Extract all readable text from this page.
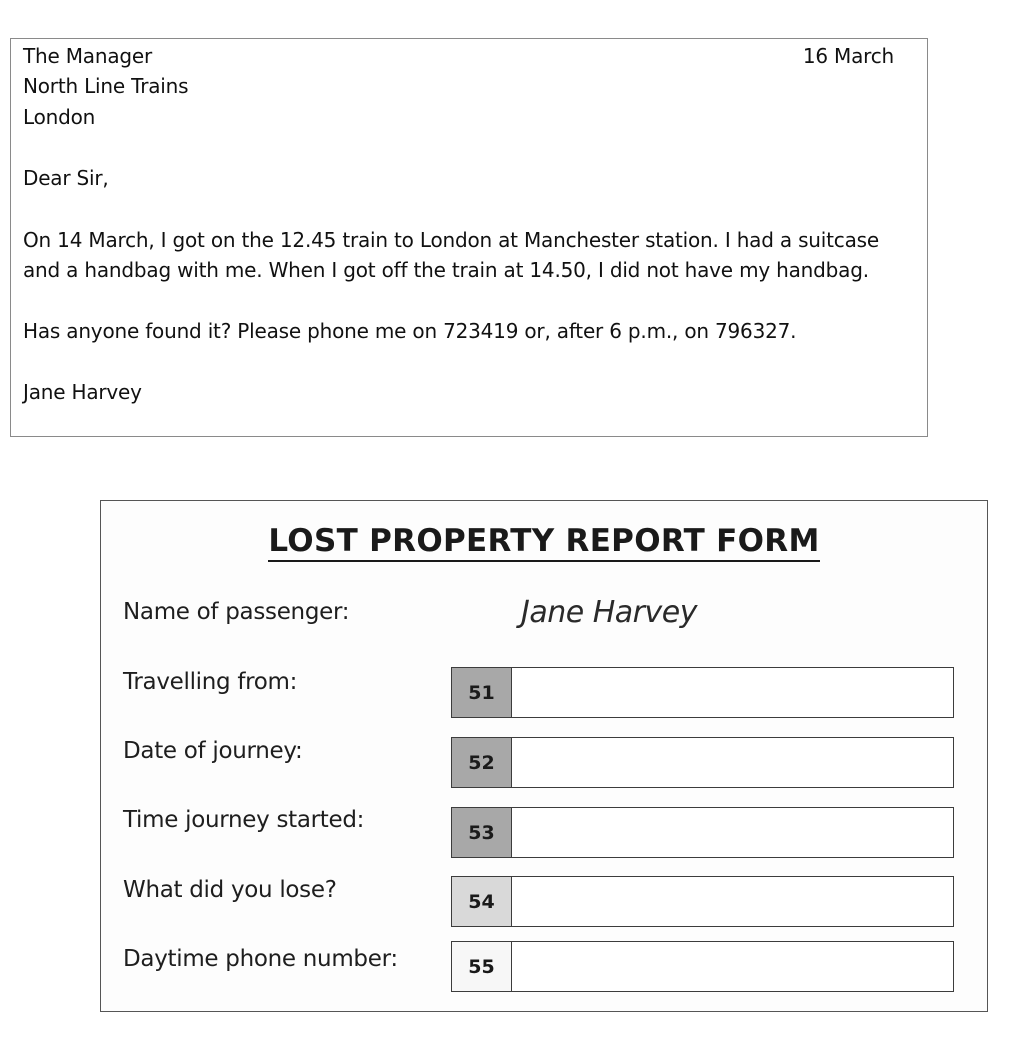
The Manager
North Line Trains
London
16 March
Dear Sir,
On 14 March, I got on the 12.45 train to London at Manchester station. I had a suitcase
and a handbag with me. When I got off the train at 14.50, I did not have my handbag.
Has anyone found it? Please phone me on 723419 or, after 6 p.m., on 796327.
Jane Harvey
LOST PROPERTY REPORT FORM
Name of passenger:	Jane Harvey
Travelling from:	51
Date of journey:	52
Time journey started:	53
What did you lose?	54
Daytime phone number:	55
